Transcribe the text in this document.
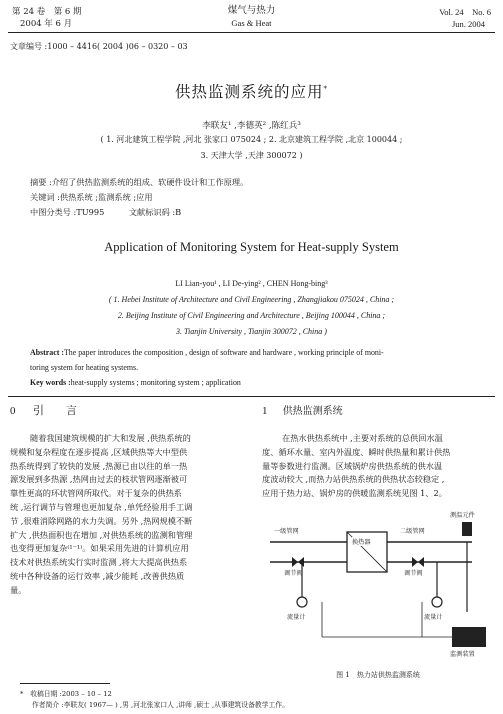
第 24 卷　第 6 期
2004 年 6 月
煤气与热力
Gas & Heat
Vol. 24　No. 6
Jun. 2004
文章编号 :1000 – 4416( 2004 )06 – 0320 – 03
供热监测系统的应用*
李联友¹ ,李德英² ,陈红兵³
( 1. 河北建筑工程学院 ,河北 张家口 075024 ; 2. 北京建筑工程学院 ,北京 100044 ;
3. 天津大学 ,天津 300072 )
摘要 :介绍了供热监测系统的组成、软硬件设计和工作原理。
关键词 :供热系统 ;监测系统 ;应用
中图分类号 :TU995　　　文献标识码 :B
Application of Monitoring System for Heat-supply System
LI Lian-you¹ , LI De-ying² , CHEN Hong-bing³
( 1. Hebei Institute of Architecture and Civil Engineering , Zhangjiakou 075024 , China ;
2. Beijing Institute of Civil Engineering and Architecture , Beijing 100044 , China ;
3. Tianjin University , Tianjin 300072 , China )
Abstract :The paper introduces the composition , design of software and hardware , working principle of moni-
toring system for heating systems.
Key words :heat-supply systems ; monitoring system ; application
0 引　　言
随着我国建筑规模的扩大和发展 ,供热系统的
规模和复杂程度在逐步提高 ,区域供热等大中型供
热系统得到了较快的发展 ,热源已由以往的单一热
源发展到多热源 ,热网由过去的枝状管网逐渐被可
靠性更高的环状管网所取代。对于复杂的供热系
统 ,运行调节与管理也更加复杂 ,单凭经验用手工调
节 ,很难消除网路的水力失调。另外 ,热网规模不断
扩大 ,供热面积也在增加 ,对供热系统的监测和管理
也变得更加复杂⁽¹⁻¹⁾。如果采用先进的计算机应用
技术对供热系统实行实时监测 ,将大大提高供热系
统中各种设备的运行效率 ,减少能耗 ,改善供热质
量。
1 供热监测系统
在热水供热系统中 ,主要对系统的总供回水温
度、循环水量、室内外温度、瞬时供热量和累计供热
量等参数进行监测。区域锅炉房供热系统的供水温
度波动较大 ,而热力站供热系统的供热状态较稳定 ,
应用于热力站、锅炉房的供暖监测系统见图 1、2。
一级管网	二级管网
换热器
测温元件
调节阀	调节阀
流量计	流量计
监测装置
图 1　热力站供热监测系统
*　收稿日期 :2003 – 10 – 12
作者简介 :李联友( 1967— ) ,男 ,河北张家口人 ,讲师 ,硕士 ,从事建筑设备教学工作。
